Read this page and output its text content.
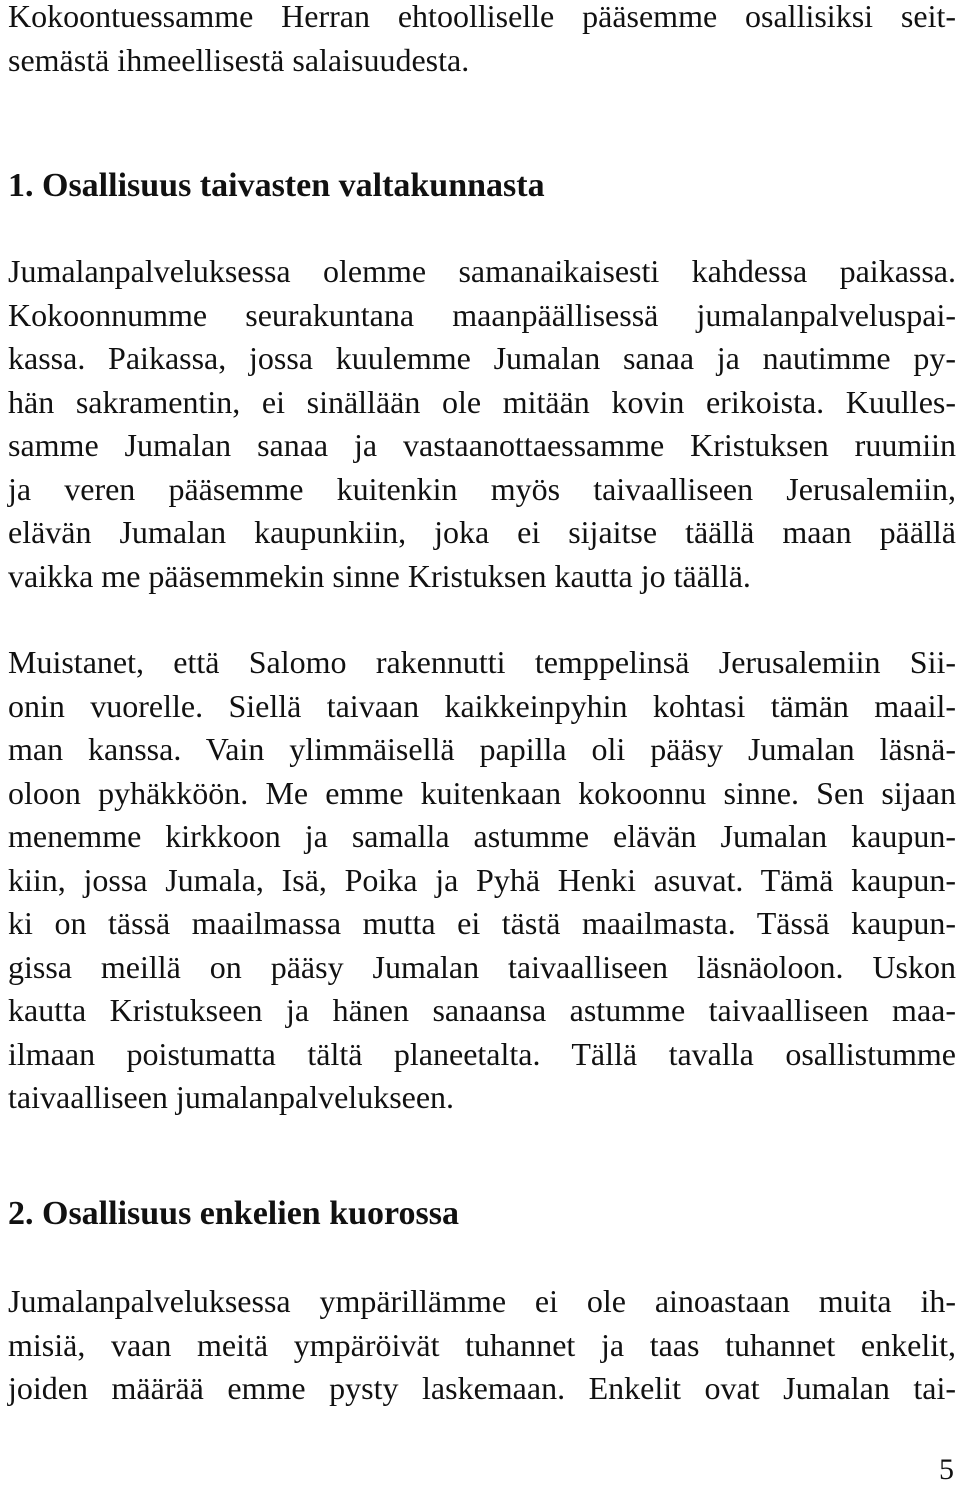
Kokoontuessamme Herran ehtoolliselle pääsemme osallisiksi seit-
semästä ihmeellisestä salaisuudesta.

1. Osallisuus taivasten valtakunnasta

Jumalanpalveluksessa olemme samanaikaisesti kahdessa paikassa.
Kokoonnumme seurakuntana maanpäällisessä jumalanpalveluspai-
kassa. Paikassa, jossa kuulemme Jumalan sanaa ja nautimme py-
hän sakramentin, ei sinällään ole mitään kovin erikoista. Kuulles-
samme Jumalan sanaa ja vastaanottaessamme Kristuksen ruumiin
ja veren pääsemme kuitenkin myös taivaalliseen Jerusalemiin,
elävän Jumalan kaupunkiin, joka ei sijaitse täällä maan päällä
vaikka me pääsemmekin sinne Kristuksen kautta jo täällä.

Muistanet, että Salomo rakennutti temppelinsä Jerusalemiin Sii-
onin vuorelle. Siellä taivaan kaikkeinpyhin kohtasi tämän maail-
man kanssa. Vain ylimmäisellä papilla oli pääsy Jumalan läsnä-
oloon pyhäkköön. Me emme kuitenkaan kokoonnu sinne. Sen sijaan
menemme kirkkoon ja samalla astumme elävän Jumalan kaupun-
kiin, jossa Jumala, Isä, Poika ja Pyhä Henki asuvat. Tämä kaupun-
ki on tässä maailmassa mutta ei tästä maailmasta. Tässä kaupun-
gissa meillä on pääsy Jumalan taivaalliseen läsnäoloon. Uskon
kautta Kristukseen ja hänen sanaansa astumme taivaalliseen maa-
ilmaan poistumatta tältä planeetalta. Tällä tavalla osallistumme
taivaalliseen jumalanpalvelukseen.

2. Osallisuus enkelien kuorossa

Jumalanpalveluksessa ympärillämme ei ole ainoastaan muita ih-
misiä, vaan meitä ympäröivät tuhannet ja taas tuhannet enkelit,
joiden määrää emme pysty laskemaan. Enkelit ovat Jumalan tai-

5
